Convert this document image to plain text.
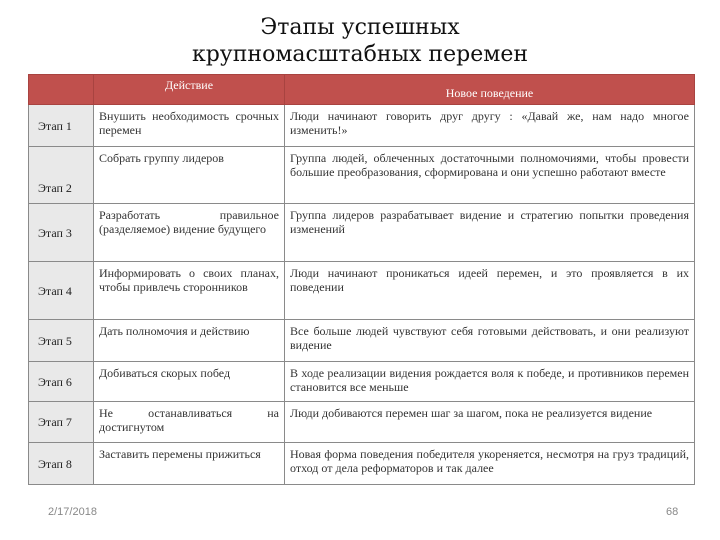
Этапы успешных
крупномасштабных перемен
	Действие	Новое поведение
Этап 1	Внушить необходимость срочных перемен	Люди начинают говорить друг другу : «Давай же, нам надо многое изменить!»
Этап 2	Собрать группу лидеров	Группа людей, облеченных достаточными полномочиями, чтобы провести большие преобразования, сформирована и они успешно работают вместе
Этап 3	Разработать правильное (разделяемое) видение будущего	Группа лидеров разрабатывает видение и стратегию попытки проведения изменений
Этап 4	Информировать о своих планах, чтобы привлечь сторонников	Люди начинают проникаться идеей перемен, и это проявляется в их поведении
Этап 5	Дать полномочия и действию	Все больше людей чувствуют себя готовыми действовать, и они реализуют видение
Этап 6	Добиваться скорых побед	В ходе реализации видения рождается воля к победе, и противников перемен становится все меньше
Этап 7	Не останавливаться на достигнутом	Люди добиваются перемен шаг за шагом, пока не реализуется видение
Этап 8	Заставить перемены прижиться	Новая форма поведения победителя укореняется, несмотря на груз традиций, отход от дела реформаторов и так далее
2/17/2018	68
